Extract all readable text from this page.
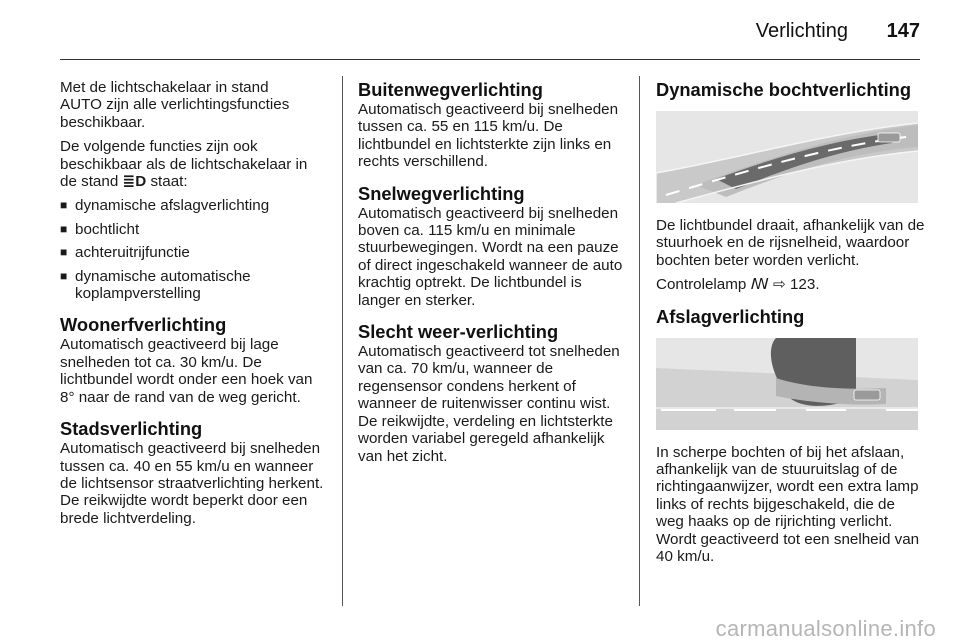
Verlichting	147

Met de lichtschakelaar in stand
AUTO zijn alle verlichtingsfuncties beschikbaar.

De volgende functies zijn ook beschikbaar als de lichtschakelaar in de stand ≣D staat:

■ dynamische afslagverlichting
■ bochtlicht
■ achteruitrijfunctie
■ dynamische automatische koplampverstelling
Woonerfverlichting

Automatisch geactiveerd bij lage snelheden tot ca. 30 km/u. De lichtbundel wordt onder een hoek van 8° naar de rand van de weg gericht.

Stadsverlichting

Automatisch geactiveerd bij snelheden tussen ca. 40 en 55 km/u en wanneer de lichtsensor straatverlichting herkent. De reikwijdte wordt beperkt door een brede lichtverdeling.

Buitenwegverlichting

Automatisch geactiveerd bij snelheden tussen ca. 55 en 115 km/u. De lichtbundel en lichtsterkte zijn links en rechts verschillend.

Snelwegverlichting

Automatisch geactiveerd bij snelheden boven ca. 115 km/u en minimale stuurbewegingen. Wordt na een pauze of direct ingeschakeld wanneer de auto krachtig optrekt. De lichtbundel is langer en sterker.

Slecht weer-verlichting

Automatisch geactiveerd tot snelheden van ca. 70 km/u, wanneer de regensensor condens herkent of wanneer de ruitenwisser continu wist. De reikwijdte, verdeling en lichtsterkte worden variabel geregeld afhankelijk van het zicht.

Dynamische bochtverlichting

De lichtbundel draait, afhankelijk van de stuurhoek en de rijsnelheid, waardoor bochten beter worden verlicht.

Controlelamp ꟿ ⇨ 123.

Afslagverlichting

In scherpe bochten of bij het afslaan, afhankelijk van de stuuruitslag of de richtingaanwijzer, wordt een extra lamp links of rechts bijgeschakeld, die de weg haaks op de rijrichting verlicht. Wordt geactiveerd tot een snelheid van 40 km/u.

carmanualsonline.info
